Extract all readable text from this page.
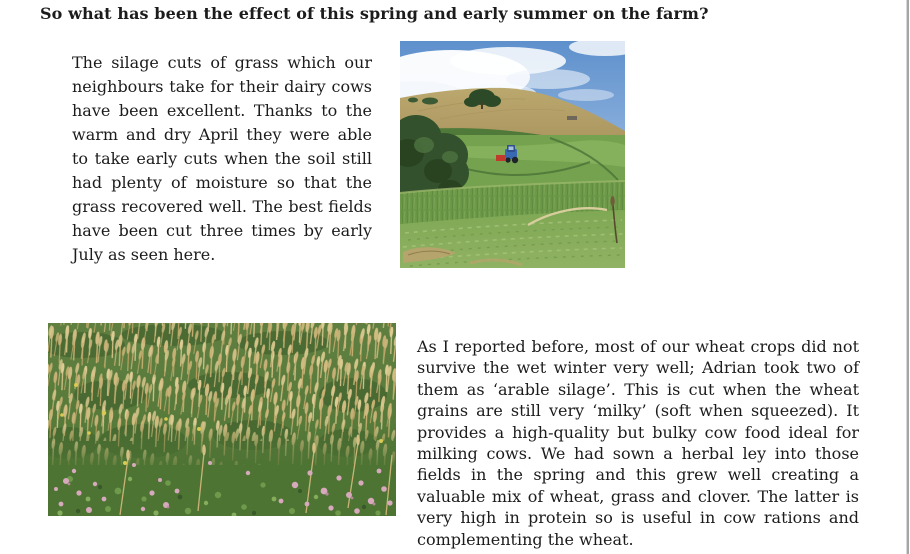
So what has been the effect of this spring and early summer on the farm?

The silage cuts of grass which our neighbours take for their dairy cows have been excellent. Thanks to the warm and dry April they were able to take early cuts when the soil still had plenty of moisture so that the grass recovered well. The best fields have been cut three times by early July as seen here.

As I reported before, most of our wheat crops did not survive the wet winter very well; Adrian took two of them as ‘arable silage’. This is cut when the wheat grains are still very ‘milky’ (soft when squeezed). It provides a high-quality but bulky cow food ideal for milking cows. We had sown a herbal ley into those fields in the spring and this grew well creating a valuable mix of wheat, grass and clover. The latter is very high in protein so is useful in cow rations and complementing the wheat.
